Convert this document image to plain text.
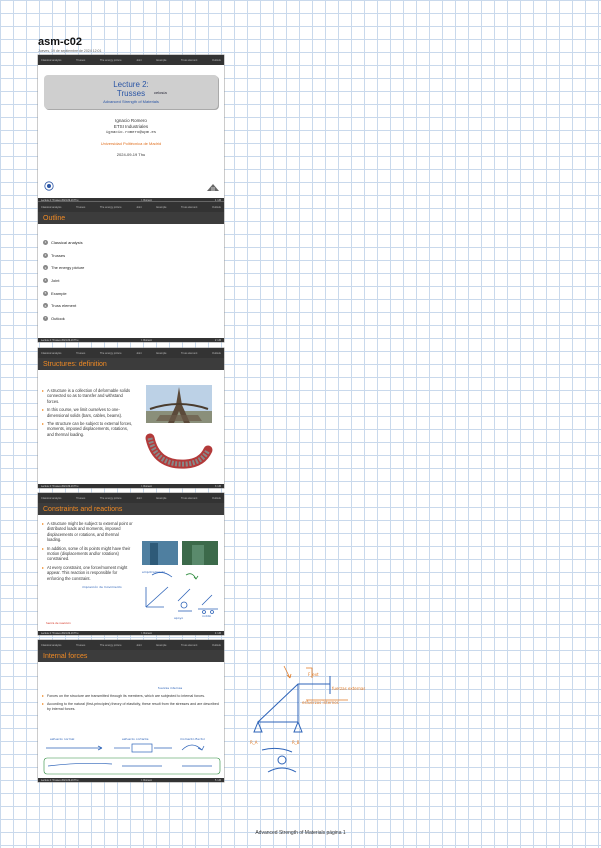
asm-c02
Jueves, 19 de septiembre de 2024 12:01
Classical analysis	Trusses	The energy picture	Joint	Example	Truss element	Outlook
Lecture 2:
Trusses
Advanced Strength of Materials
celosía
Ignacio Romero
ETSI Industriales
ignacio.romero@upm.es
Universidad Politécnica de Madrid
2024-09-19 Thu
Lecture 2: Trusses 2024-09-19 Thu	I. Romero	1 / 26
Classical analysis	Trusses	The energy picture	Joint	Example	Truss element	Outlook
Outline
1	Classical analysis
2	Trusses
3	The energy picture
4	Joint
5	Example
6	Truss element
7	Outlook
Lecture 2: Trusses 2024-09-19 Thu	I. Romero	2 / 26
Classical analysis	Trusses	The energy picture	Joint	Example	Truss element	Outlook
Structures: definition
▸ A structure is a collection of deformable solids connected so as to transfer and withstand forces.
▸ In this course, we limit ourselves to one-dimensional solids (bars, cables, beams).
▸ The structure can be subject to external forces, moments, imposed displacements, rotations, and thermal loading.
Lecture 2: Trusses 2024-09-19 Thu	I. Romero	3 / 26
Classical analysis	Trusses	The energy picture	Joint	Example	Truss element	Outlook
Constraints and reactions
▸ A structure might be subject to external point or distributed loads and moments, imposed displacements or rotations, and thermal loading.
▸ In addition, some of its points might have their motion (displacements and/or rotations) constrained.
▸ At every constraint, one force/moment might appear. This reaction is responsible for enforcing the constraint.
empotramiento
apoyo	rodillo
imposición de movimiento
fuerza de reacción
Lecture 2: Trusses 2024-09-19 Thu	I. Romero	4 / 26
Classical analysis	Trusses	The energy picture	Joint	Example	Truss element	Outlook
Internal forces
▸ Forces on the structure are transmitted through its members, which are subjected to internal forces.
▸ According to the natural (first-principles) theory of elasticity, these result from the stresses and are described by internal forces.
esfuerzo normal	esfuerzo cortante	momento flector
fuerzas internas
Lecture 2: Trusses 2024-09-19 Thu	I. Romero	5 / 26
esfuerzos internos
fuerzas externas
F_ext
R_A	R_B
Advanced Strength of Materials página 1
